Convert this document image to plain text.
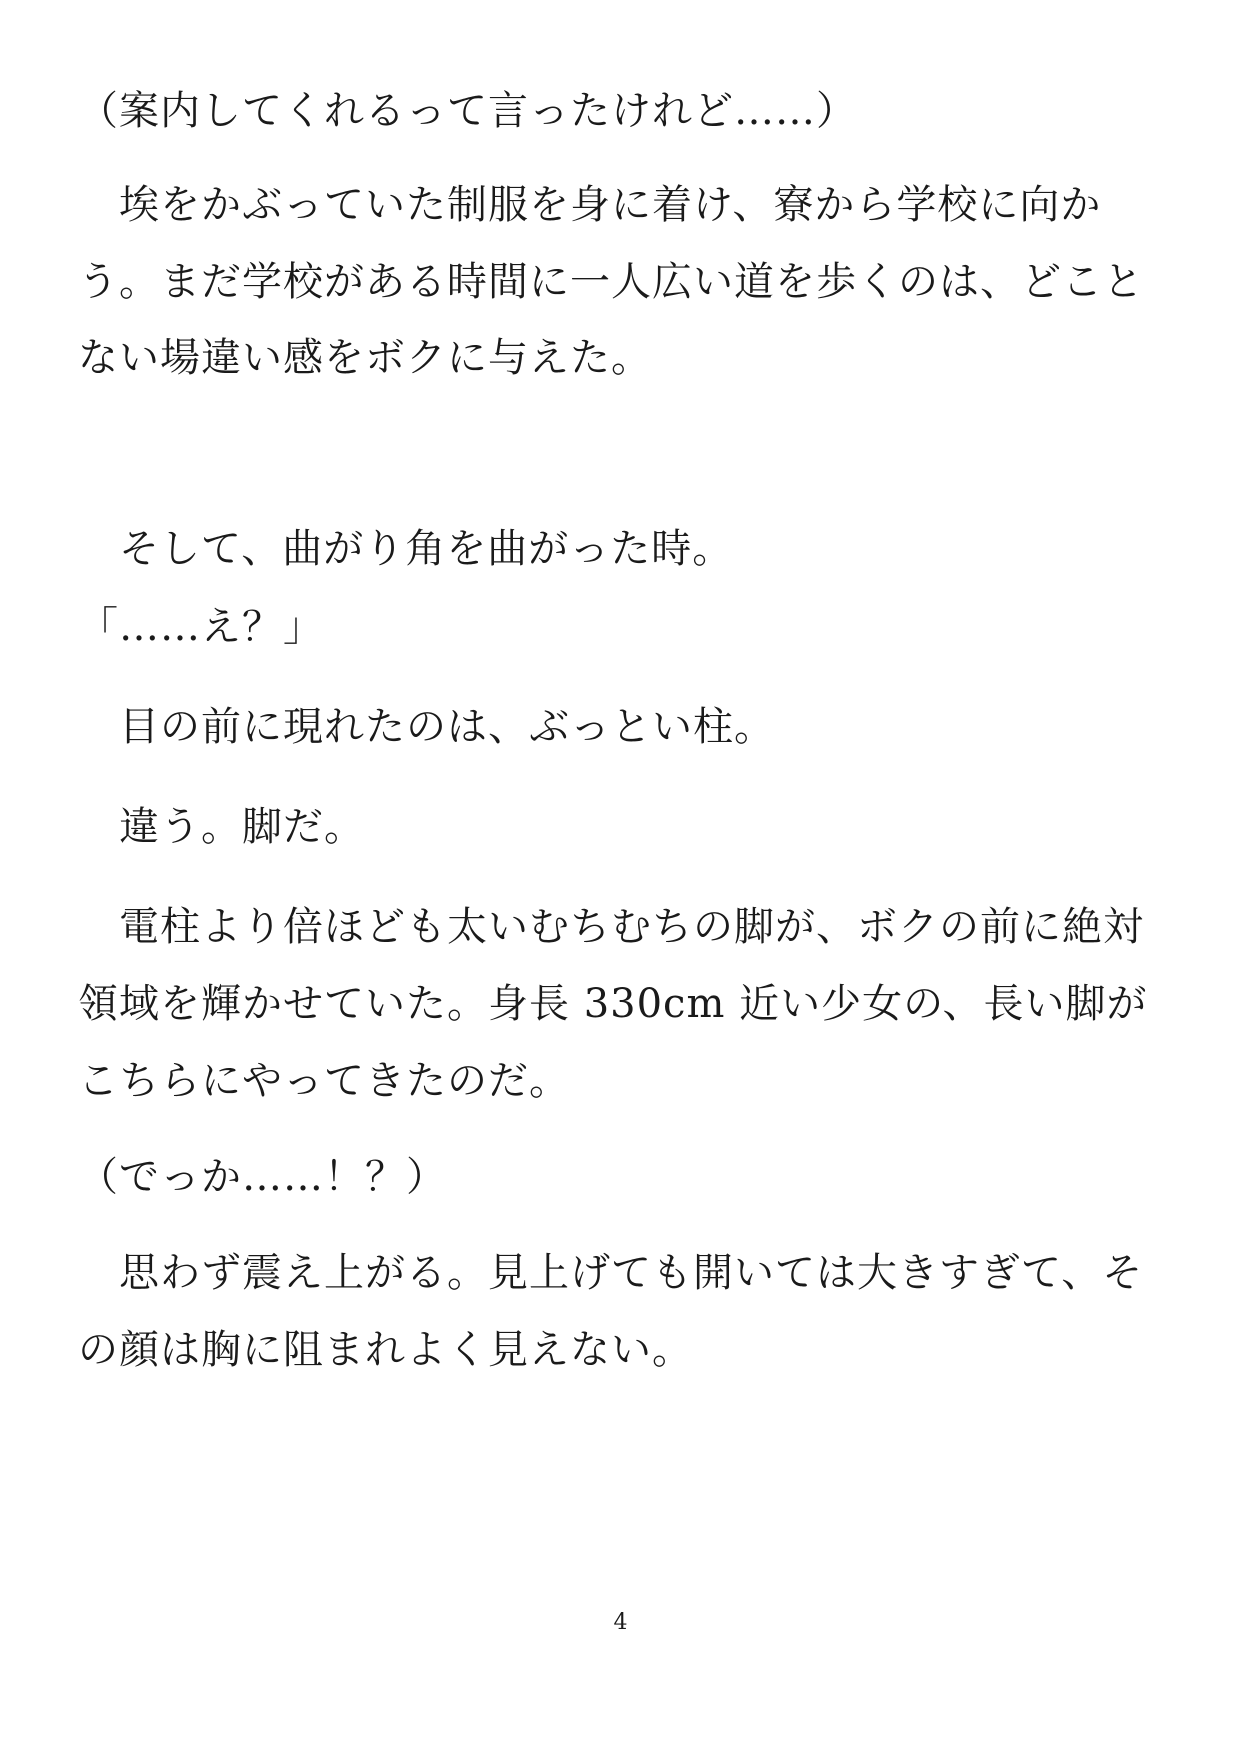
（案内してくれるって言ったけれど……）
　埃をかぶっていた制服を身に着け、寮から学校に向か
う。まだ学校がある時間に一人広い道を歩くのは、どこと
ない場違い感をボクに与えた。
　そして、曲がり角を曲がった時。
「……え？」
　目の前に現れたのは、ぶっとい柱。
　違う。脚だ。
　電柱より倍ほども太いむちむちの脚が、ボクの前に絶対
領域を輝かせていた。身長 330cm 近い少女の、長い脚が
こちらにやってきたのだ。
（でっか……！？）
　思わず震え上がる。見上げても開いては大きすぎて、そ
の顔は胸に阻まれよく見えない。
4
